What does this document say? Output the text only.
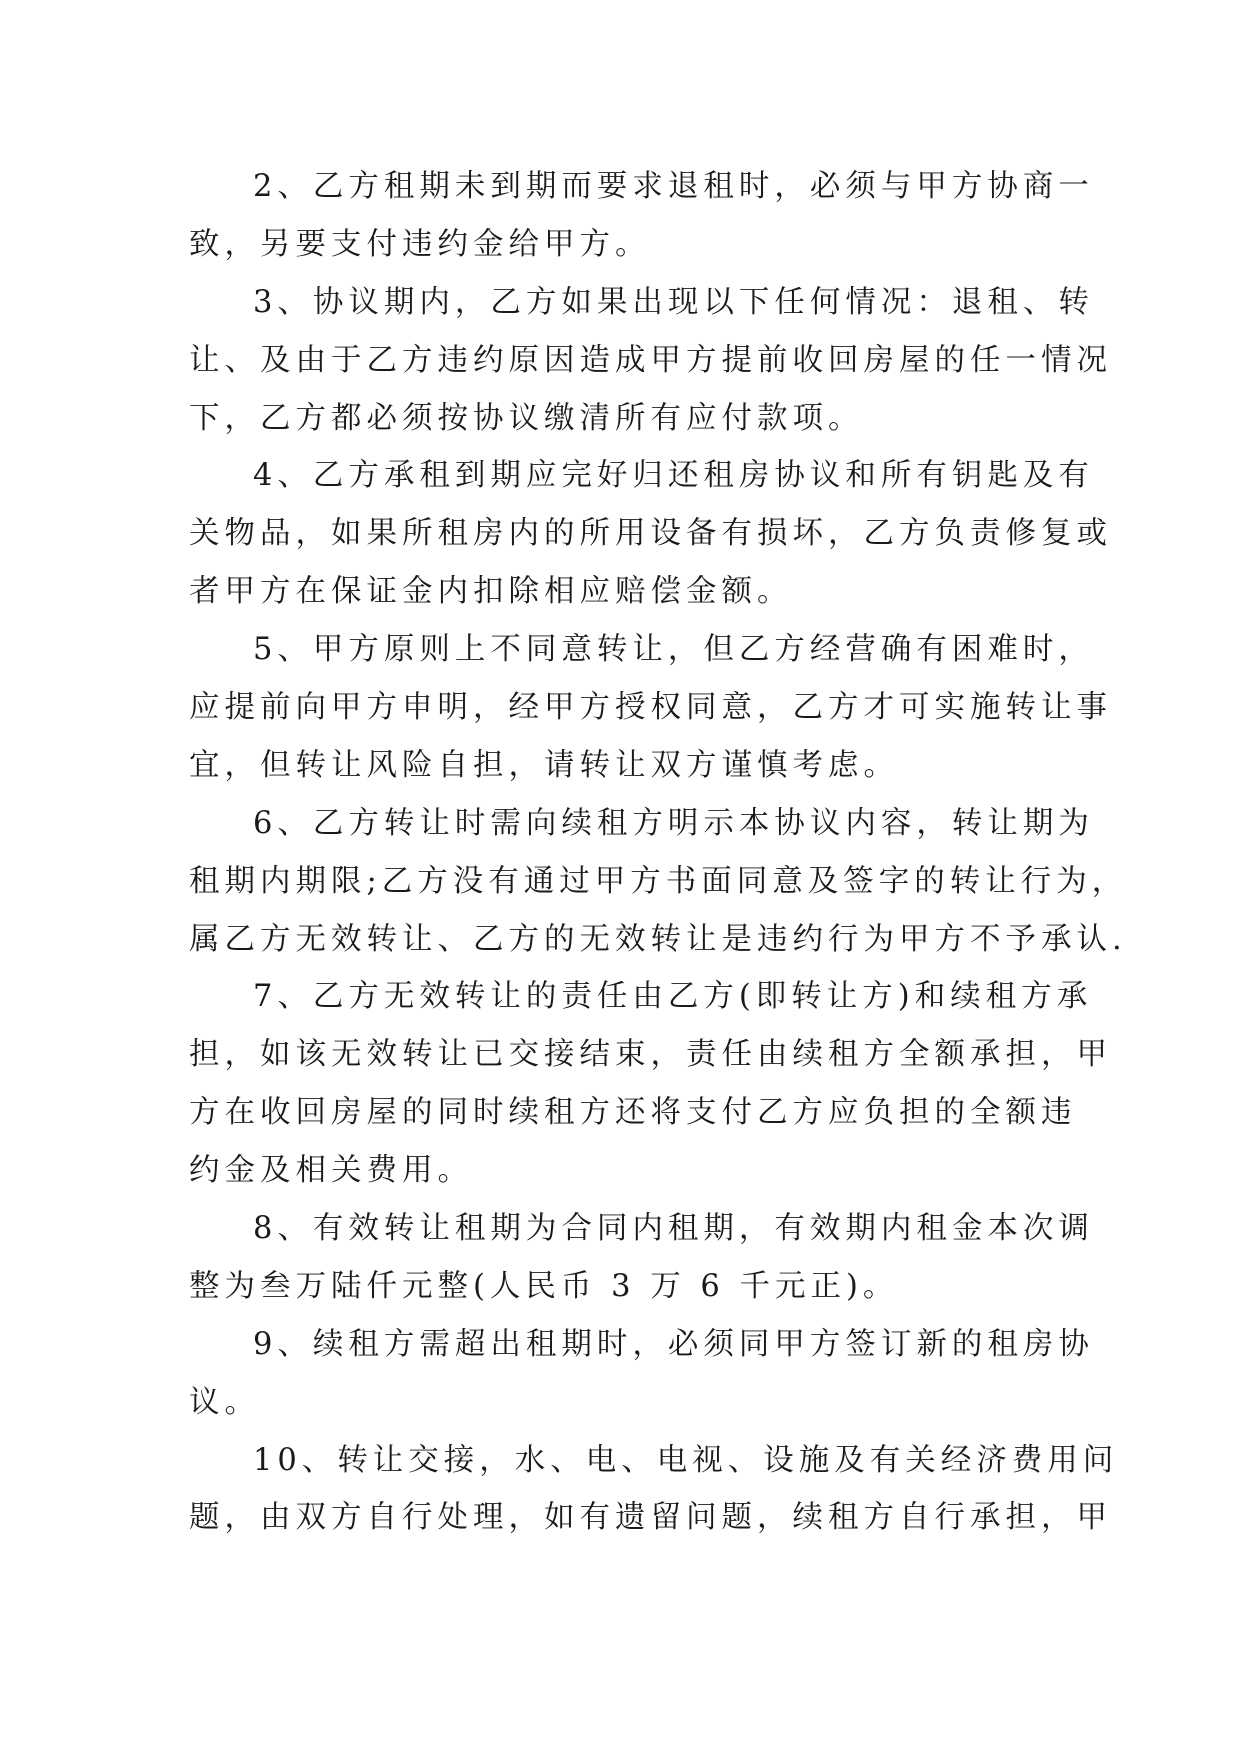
2、乙方租期未到期而要求退租时，必须与甲方协商一
致，另要支付违约金给甲方。
3、协议期内，乙方如果出现以下任何情况：退租、转
让、及由于乙方违约原因造成甲方提前收回房屋的任一情况
下，乙方都必须按协议缴清所有应付款项。
4、乙方承租到期应完好归还租房协议和所有钥匙及有
关物品，如果所租房内的所用设备有损坏，乙方负责修复或
者甲方在保证金内扣除相应赔偿金额。
5、甲方原则上不同意转让，但乙方经营确有困难时，
应提前向甲方申明，经甲方授权同意，乙方才可实施转让事
宜，但转让风险自担，请转让双方谨慎考虑。
6、乙方转让时需向续租方明示本协议内容，转让期为
租期内期限;乙方没有通过甲方书面同意及签字的转让行为，
属乙方无效转让、乙方的无效转让是违约行为甲方不予承认.
7、乙方无效转让的责任由乙方(即转让方)和续租方承
担，如该无效转让已交接结束，责任由续租方全额承担，甲
方在收回房屋的同时续租方还将支付乙方应负担的全额违
约金及相关费用。
8、有效转让租期为合同内租期，有效期内租金本次调
整为叁万陆仟元整(人民币 3 万 6 千元正)。
9、续租方需超出租期时，必须同甲方签订新的租房协
议。
10、转让交接，水、电、电视、设施及有关经济费用问
题，由双方自行处理，如有遗留问题，续租方自行承担，甲
